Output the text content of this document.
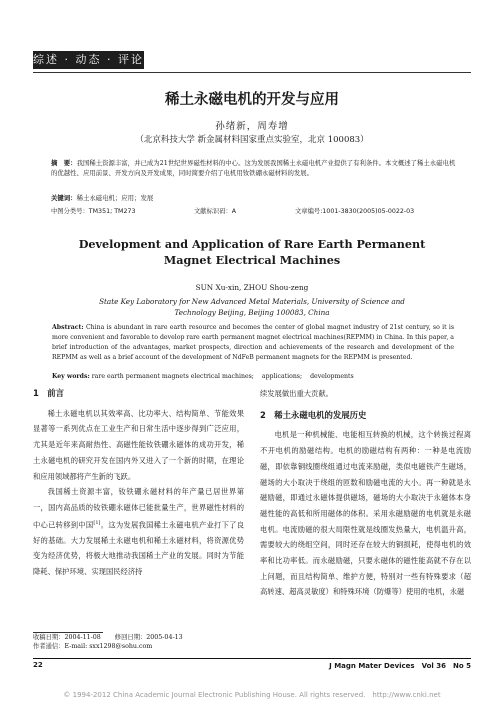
综述 · 动态 · 评论
稀土永磁电机的开发与应用
孙绪新，周寿增
（北京科技大学 新金属材料国家重点实验室，北京 100083）
摘　要：我国稀土资源丰富，并已成为21世纪世界磁性材料的中心。这为发展我国稀土永磁电机产业提供了有利条件。本文概述了稀土永磁电机的优越性、应用前景、开发方向及开发成果，同时简要介绍了电机用钕铁硼永磁材料的发展。
关键词：稀土永磁电机；应用；发展
中图分类号：TM351; TM273	文献标识码：A	文章编号:1001-3830(2005)05-0022-03
Development and Application of Rare Earth Permanent
Magnet Electrical Machines
SUN Xu-xin, ZHOU Shou-zeng
State Key Laboratory for New Advanced Metal Materials, University of Science and
Technology Beijing, Beijing 100083, China
Abstract: China is abundant in rare earth resource and becomes the center of global magnet industry of 21st century, so it is more convenient and favorable to develop rare earth permanent magnet electrical machines(REPMM) in China. In this paper, a brief introduction of the advantages, market prospects, direction and achievements of the research and development of the REPMM as well as a brief account of the development of NdFeB permanent magnets for the REPMM is presented.
Key words: rare earth permanent magnets electrical machines; applications; developments
1　前言

稀土永磁电机以其效率高、比功率大、结构简单、节能效果显著等一系列优点在工业生产和日常生活中逐步得到广泛应用，尤其是近年来高耐热性、高磁性能钕铁硼永磁体的成功开发，稀土永磁电机的研究开发在国内外又进入了一个新的时期，在理论和应用领域都将产生新的飞跃。

我国稀土资源丰富，钕铁硼永磁材料的年产量已居世界第一，国内高品质的钕铁硼永磁体已能批量生产，世界磁性材料的中心已转移到中国[1]。这为发展我国稀土永磁电机产业打下了良好的基础。大力发展稀土永磁电机和稀土永磁材料，将资源优势变为经济优势，将极大地推动我国稀土产业的发展。同时为节能降耗、保护环境、实现国民经济持

续发展做出重大贡献。

2　稀土永磁电机的发展历史

电机是一种机械能、电能相互转换的机械，这个转换过程离不开电机的励磁结构。电机的励磁结构有两种：一种是电流励磁，即依靠铜线圈绕组通过电流来励磁，类似电磁铁产生磁场，磁场的大小取决于绕组的匝数和励磁电流的大小。再一种就是永磁励磁，即通过永磁体提供磁场，磁场的大小取决于永磁体本身磁性能的高低和所用磁体的体积。采用永磁励磁的电机就是永磁电机。电流励磁的很大局限性就是线圈发热量大，电机温升高，需要较大的绕组空间，同时还存在较大的铜损耗，使得电机的效率和比功率低。而永磁励磁，只要永磁体的磁性能高就不存在以上问题，而且结构简单、维护方便，特别对一些有特殊要求（超高转速、超高灵敏度）和特殊环境（防爆等）使用的电机，永磁

收稿日期：2004-11-08 修回日期：2005-04-13
作者通信：E-mail: sxx1298@sohu.com
22	J Magn Mater Devices　Vol 36　No 5
© 1994-2012 China Academic Journal Electronic Publishing House. All rights reserved.　http://www.cnki.net
